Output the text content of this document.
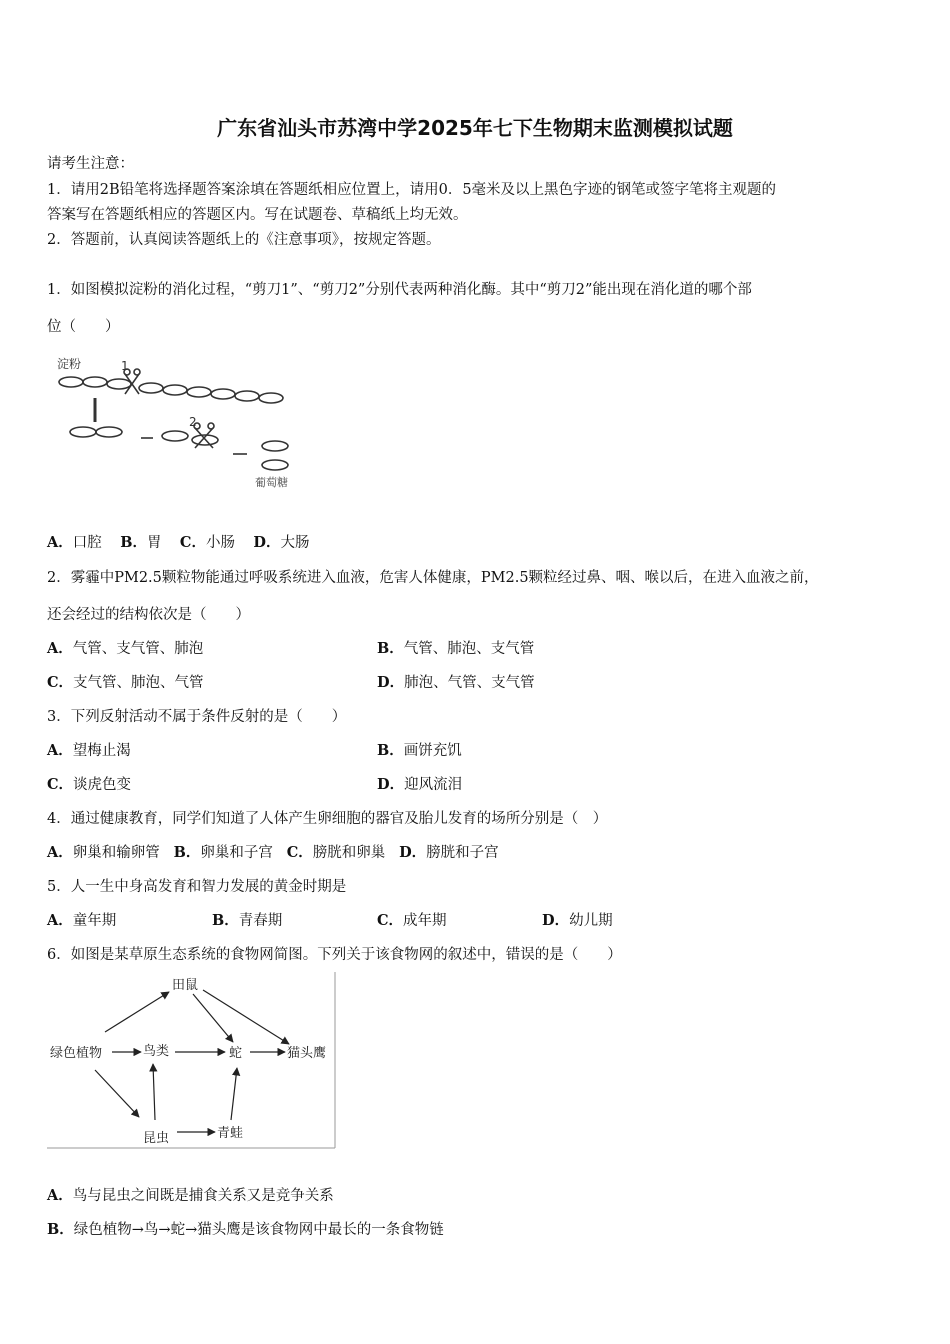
广东省汕头市苏湾中学2025年七下生物期末监测模拟试题
请考生注意：
1．请用2B铅笔将选择题答案涂填在答题纸相应位置上，请用0．5毫米及以上黑色字迹的钢笔或签字笔将主观题的
答案写在答题纸相应的答题区内。写在试题卷、草稿纸上均无效。
2．答题前，认真阅读答题纸上的《注意事项》，按规定答题。
1．如图模拟淀粉的消化过程，“剪刀1”、“剪刀2”分别代表两种消化酶。其中“剪刀2”能出现在消化道的哪个部
位（　　）
淀粉	1
2
葡萄糖
A．口腔 B．胃 C．小肠 D．大肠
2．雾霾中PM2.5颗粒物能通过呼吸系统进入血液，危害人体健康，PM2.5颗粒经过鼻、咽、喉以后，在进入血液之前，
还会经过的结构依次是（　　）
A．气管、支气管、肺泡	B．气管、肺泡、支气管
C．支气管、肺泡、气管	D．肺泡、气管、支气管
3．下列反射活动不属于条件反射的是（　　）
A．望梅止渴	B．画饼充饥
C．谈虎色变	D．迎风流泪
4．通过健康教育，同学们知道了人体产生卵细胞的器官及胎儿发育的场所分别是（　）
A．卵巢和输卵管 B．卵巢和子宫 C．膀胱和卵巢 D．膀胱和子宫
5．人一生中身高发育和智力发展的黄金时期是
A．童年期	B．青春期	C．成年期	D．幼儿期
6．如图是某草原生态系统的食物网简图。下列关于该食物网的叙述中，错误的是（　　）
田鼠
绿色植物	鸟类	蛇	猫头鹰
昆虫	青蛙
A．鸟与昆虫之间既是捕食关系又是竞争关系
B．绿色植物→鸟→蛇→猫头鹰是该食物网中最长的一条食物链
